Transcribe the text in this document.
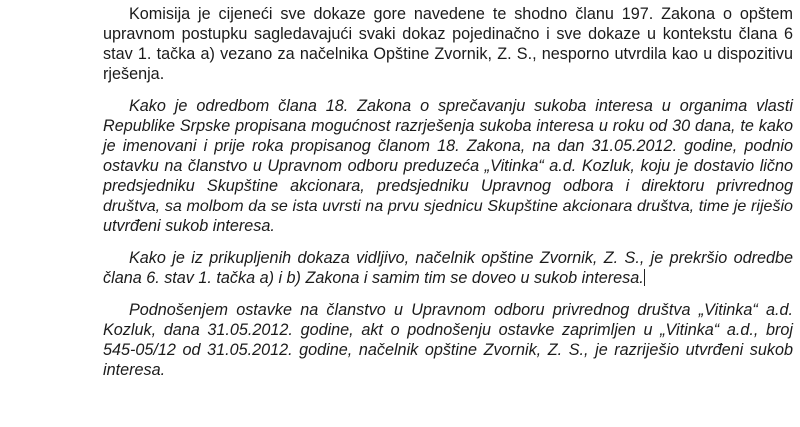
Komisija je cijeneći sve dokaze gore navedene te shodno članu 197. Zakona o opštem
upravnom postupku sagledavajući svaki dokaz pojedinačno i sve dokaze u kontekstu člana 6
stav 1. tačka a) vezano za načelnika Opštine Zvornik, Z. S., nesporno utvrdila kao u dispozitivu
rješenja.

Kako je odredbom člana 18. Zakona o sprečavanju sukoba interesa u organima vlasti
Republike Srpske propisana mogućnost razrješenja sukoba interesa u roku od 30 dana, te kako
je imenovani i prije roka propisanog članom 18. Zakona, na dan 31.05.2012. godine, podnio
ostavku na članstvo u Upravnom odboru preduzeća „Vitinka“ a.d. Kozluk, koju je dostavio lično
predsjedniku Skupštine akcionara, predsjedniku Upravnog odbora i direktoru privrednog
društva, sa molbom da se ista uvrsti na prvu sjednicu Skupštine akcionara društva, time je riješio
utvrđeni sukob interesa.

Kako je iz prikupljenih dokaza vidljivo, načelnik opštine Zvornik, Z. S., je prekršio odredbe
člana 6. stav 1. tačka a) i b) Zakona i samim tim se doveo u sukob interesa.

Podnošenjem ostavke na članstvo u Upravnom odboru privrednog društva „Vitinka“ a.d.
Kozluk, dana 31.05.2012. godine, akt o podnošenju ostavke zaprimljen u „Vitinka“ a.d., broj
545-05/12 od 31.05.2012. godine, načelnik opštine Zvornik, Z. S., je razriješio utvrđeni sukob
interesa.
